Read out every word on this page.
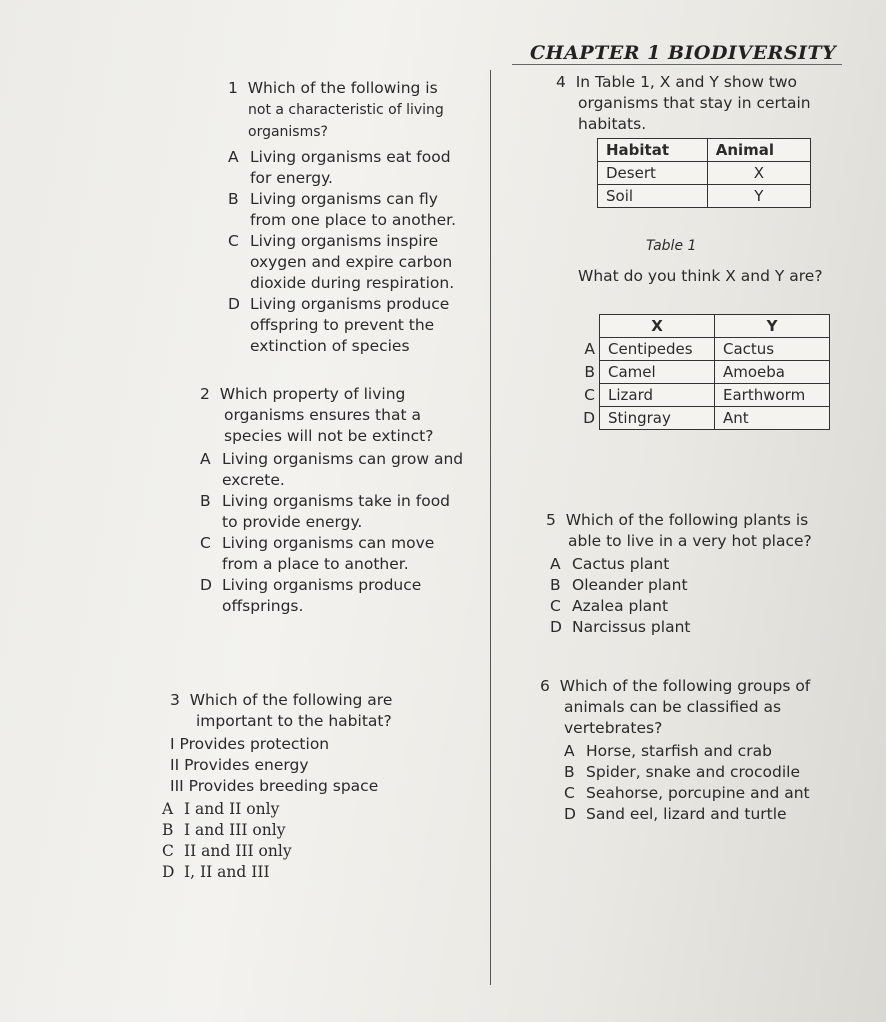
CHAPTER 1 BIODIVERSITY
1 Which of the following is
not a characteristic of living
organisms?
A Living organisms eat food for energy.
B Living organisms can fly from one place to another.
C Living organisms inspire oxygen and expire carbon dioxide during respiration.
D Living organisms produce offspring to prevent the extinction of species
2 Which property of living organisms ensures that a species will not be extinct?
A Living organisms can grow and excrete.
B Living organisms take in food to provide energy.
C Living organisms can move from a place to another.
D Living organisms produce offsprings.
3 Which of the following are important to the habitat?
I Provides protection
II Provides energy
III Provides breeding space
A I and II only
B I and III only
C II and III only
D I, II and III
4 In Table 1, X and Y show two organisms that stay in certain habitats.
Habitat	Animal
Desert	X
Soil	Y
Table 1
What do you think X and Y are?
	X	Y
A	Centipedes	Cactus
B	Camel	Amoeba
C	Lizard	Earthworm
D	Stingray	Ant
5 Which of the following plants is able to live in a very hot place?
A Cactus plant
B Oleander plant
C Azalea plant
D Narcissus plant
6 Which of the following groups of animals can be classified as vertebrates?
A Horse, starfish and crab
B Spider, snake and crocodile
C Seahorse, porcupine and ant
D Sand eel, lizard and turtle
